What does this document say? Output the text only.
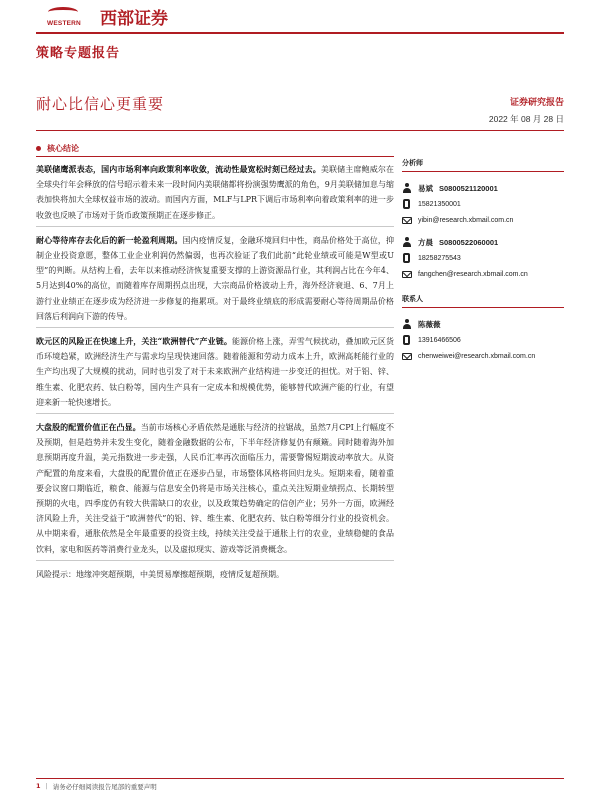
WESTERN	西部证券
策略专题报告
耐心比信心更重要	证券研究报告
2022 年 08 月 28 日
核心结论

美联储鹰派表态，国内市场利率向政策利率收敛，流动性最宽松时刻已经过去。美联储主席鲍威尔在全球央行年会释放的信号昭示着未来一段时间内美联储都将扮演强势鹰派的角色，9月美联储加息与缩表加快将加大全球权益市场的波动。而国内方面，MLF与LPR下调后市场利率向着政策利率的进一步收敛也反映了市场对于货币政策预期正在逐步修正。

耐心等待库存去化后的新一轮盈利周期。国内疫情反复，金融环境回归中性，商品价格处于高位，抑制企业投资意愿，整体工业企业利润仍然偏弱，也再次验证了我们此前“此轮业绩或可能是W型或U型”的判断。从结构上看，去年以来推动经济恢复重要支撑的上游资源品行业，其利润占比在今年4、5月达到40%的高位，而随着库存周期拐点出现，大宗商品价格波动上升，海外经济衰退、6、7月上游行业业绩正在逐步成为经济进一步修复的拖累项。对于最终业绩底的形成需要耐心等待周期品价格回落后利润向下游的传导。

欧元区的风险正在快速上升，关注“欧洲替代”产业链。能源价格上涨，弄雪气候扰动，叠加欧元区货币环境趋紧，欧洲经济生产与需求均呈现快速回落。随着能源和劳动力成本上升，欧洲高耗能行业的生产均出现了大规模的扰动，同时也引发了对于未来欧洲产业结构进一步变迁的担忧。对于铝、锌、维生素、化肥农药、钛白粉等，国内生产具有一定成本和规模优势，能够替代欧洲产能的行业，有望迎来新一轮快速增长。

大盘股的配置价值正在凸显。当前市场核心矛盾依然是通胀与经济的拉锯战，虽然7月CPI上行幅度不及预期，但是趋势并未发生变化，随着金融数据的公布，下半年经济修复仍有颠簸。同时随着海外加息预期再度升温，美元指数进一步走强，人民币汇率再次面临压力，需要警惕短期波动率放大。从资产配置的角度来看，大盘股的配置价值正在逐步凸显，市场整体风格将回归龙头。短期来看，随着重要会议窗口期临近，粮食、能源与信息安全仍将是市场关注核心，重点关注短期业绩拐点、长期转型预期的火电，四季度仍有较大供需缺口的农业，以及政策趋势确定的信创产业；另外一方面，欧洲经济风险上升，关注受益于“欧洲替代”的铝、锌、维生素、化肥农药、钛白粉等细分行业的投资机会。从中期来看，通胀依然是全年最重要的投资主线，持续关注受益于通胀上行的农业，业绩稳健的食品饮料，家电和医药等消费行业龙头，以及虚拟现实、游戏等泛消费概念。

风险提示：地缘冲突超预期，中美贸易摩擦超预期，疫情反复超预期。

分析师
易斌 S0800521120001
15821350001
yibin@research.xbmail.com.cn
方晨 S0800522060001
18258275543
fangchen@research.xbmail.com.cn
联系人
陈薇薇
13916466506
chenweiwei@research.xbmail.com.cn
1 | 请务必仔细阅读报告尾部的重要声明
